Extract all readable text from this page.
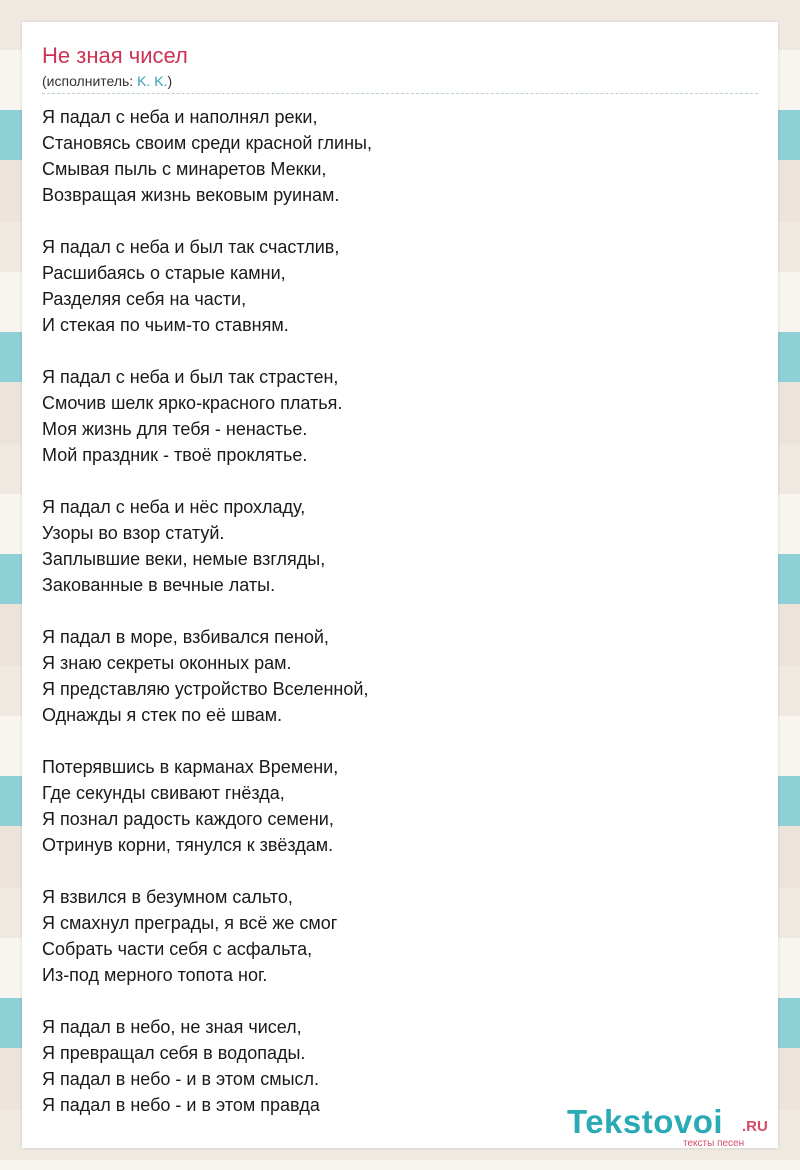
Не зная чисел
(исполнитель: K. K.)
Я падал с неба и наполнял реки,
Становясь своим среди красной глины,
Смывая пыль с минаретов Мекки,
Возвращая жизнь вековым руинам.
Я падал с неба и был так счастлив,
Расшибаясь о старые камни,
Разделяя себя на части,
И стекая по чьим-то ставням.
Я падал с неба и был так страстен,
Смочив шелк ярко-красного платья.
Моя жизнь для тебя - ненастье.
Мой праздник - твоё проклятье.
Я падал с неба и нёс прохладу,
Узоры во взор статуй.
Заплывшие веки, немые взгляды,
Закованные в вечные латы.
Я падал в море, взбивался пеной,
Я знаю секреты оконных рам.
Я представляю устройство Вселенной,
Однажды я стек по её швам.
Потерявшись в карманах Времени,
Где секунды свивают гнёзда,
Я познал радость каждого семени,
Отринув корни, тянулся к звёздам.
Я взвился в безумном сальто,
Я смахнул преграды, я всё же смог
Собрать части себя с асфальта,
Из-под мерного топота ног.
Я падал в небо, не зная чисел,
Я превращал себя в водопады.
Я падал в небо - и в этом смысл.
Я падал в небо - и в этом правда	Tekstovoi .RU
тексты песен
